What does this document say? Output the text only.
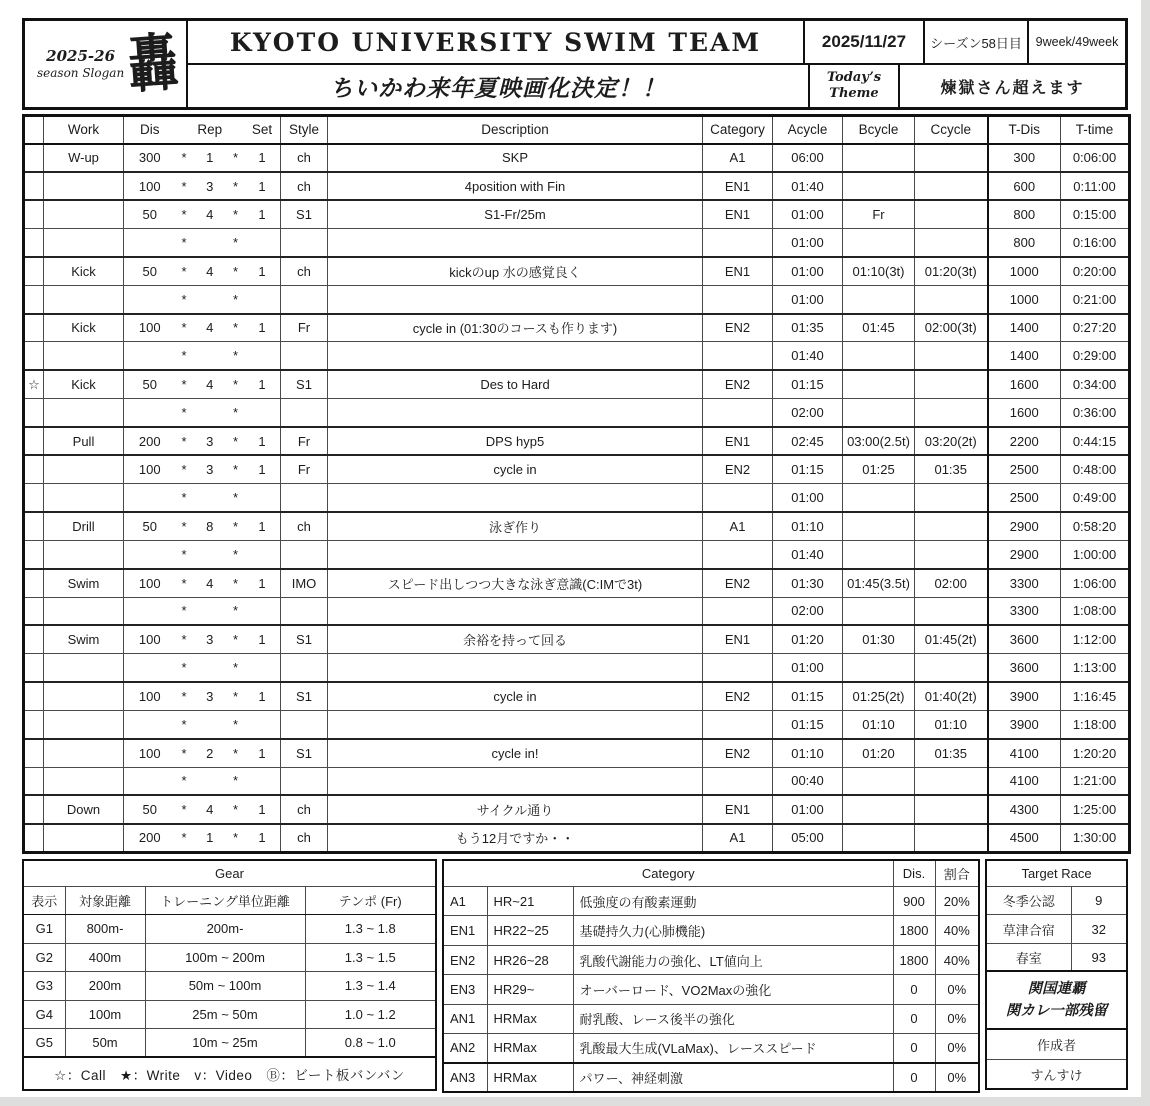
2025-26
season Slogan 轟	KYOTO UNIVERSITY SWIM TEAM	2025/11/27	シーズン58日目	9week/49week
ちいかわ来年夏映画化決定！！	Today’s Theme	煉獄さん超えます
	Work	Dis Rep Set	Style	Description	Category	Acycle	Bcycle	Ccycle	T-Dis	T-time
	W-up	300 * 1 * 1	ch	SKP	A1	06:00			300	0:06:00

		100 * 3 * 1	ch	4position with Fin	EN1	01:40			600	0:11:00

		50 * 4 * 1	S1	S1-Fr/25m	EN1	01:00	Fr		800	0:15:00

		* *				01:00			800	0:16:00
	Kick	50 * 4 * 1	ch	kickのup 水の感覚良く	EN1	01:00	01:10(3t)	01:20(3t)	1000	0:20:00

		* *				01:00			1000	0:21:00
	Kick	100 * 4 * 1	Fr	cycle in (01:30のコースも作ります)	EN2	01:35	01:45	02:00(3t)	1400	0:27:20

		* *				01:40			1400	0:29:00
☆	Kick	50 * 4 * 1	S1	Des to Hard	EN2	01:15			1600	0:34:00

		* *				02:00			1600	0:36:00
	Pull	200 * 3 * 1	Fr	DPS hyp5	EN1	02:45	03:00(2.5t)	03:20(2t)	2200	0:44:15

		100 * 3 * 1	Fr	cycle in	EN2	01:15	01:25	01:35	2500	0:48:00

		* *				01:00			2500	0:49:00
	Drill	50 * 8 * 1	ch	泳ぎ作り	A1	01:10			2900	0:58:20

		* *				01:40			2900	1:00:00
	Swim	100 * 4 * 1	IMO	スピード出しつつ大きな泳ぎ意識(C:IMで3t)	EN2	01:30	01:45(3.5t)	02:00	3300	1:06:00

		* *				02:00			3300	1:08:00
	Swim	100 * 3 * 1	S1	余裕を持って回る	EN1	01:20	01:30	01:45(2t)	3600	1:12:00

		* *				01:00			3600	1:13:00

		100 * 3 * 1	S1	cycle in	EN2	01:15	01:25(2t)	01:40(2t)	3900	1:16:45

		* *				01:15	01:10	01:10	3900	1:18:00

		100 * 2 * 1	S1	cycle in!	EN2	01:10	01:20	01:35	4100	1:20:20

		* *				00:40			4100	1:21:00
	Down	50 * 4 * 1	ch	サイクル通り	EN1	01:00			4300	1:25:00

		200 * 1 * 1	ch	もう12月ですか・・	A1	05:00			4500	1:30:00
Gear			
表示	対象距離	トレーニング単位距離	テンポ (Fr)
G1	800m-	200m-	1.3 ~ 1.8
G2	400m	100m ~ 200m	1.3 ~ 1.5
G3	200m	50m ~ 100m	1.3 ~ 1.4
G4	100m	25m ~ 50m	1.0 ~ 1.2
G5	50m	10m ~ 25m	0.8 ~ 1.0
☆：Call　★：Write　v：Video　Ⓑ：ビート板バンバン			
Category			Dis.	割合
A1	HR~21	低強度の有酸素運動	900	20%
EN1	HR22~25	基礎持久力(心肺機能)	1800	40%
EN2	HR26~28	乳酸代謝能力の強化、LT値向上	1800	40%
EN3	HR29~	オーバーロード、VO2Maxの強化	0	0%
AN1	HRMax	耐乳酸、レース後半の強化	0	0%
AN2	HRMax	乳酸最大生成(VLaMax)、レーススピード	0	0%
AN3	HRMax	パワー、神経刺激	0	0%
Target Race	
冬季公認	9
草津合宿	32
春室	93

関国連覇
関カレ一部残留	

作成者	
すんすけ	
